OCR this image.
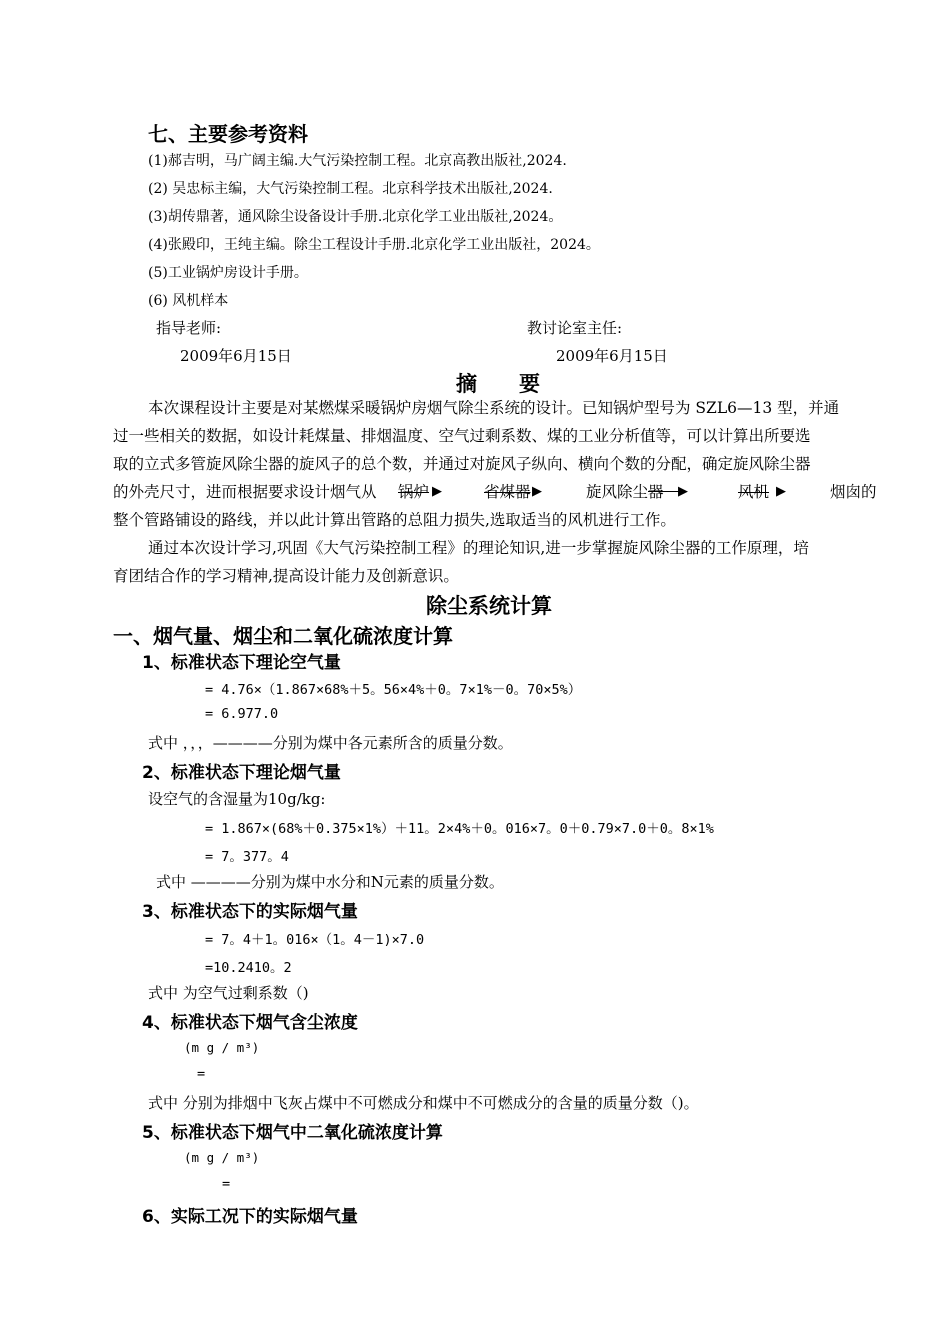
七、主要参考资料
(1)郝吉明，马广阔主编.大气污染控制工程。北京高教出版社,2024.
(2) 吴忠标主编，大气污染控制工程。北京科学技术出版社,2024.
(3)胡传鼎著，通风除尘设备设计手册.北京化学工业出版社,2024。
(4)张殿印，王纯主编。除尘工程设计手册.北京化学工业出版社，2024。
(5)工业锅炉房设计手册。
(6) 风机样本
指导老师:	教讨论室主任:
2009年6月15日	2009年6月15日
摘　　要
本次课程设计主要是对某燃煤采暖锅炉房烟气除尘系统的设计。已知锅炉型号为 SZL6—13 型，并通
过一些相关的数据，如设计耗煤量、排烟温度、空气过剩系数、煤的工业分析值等，可以计算出所要选
取的立式多管旋风除尘器的旋风子的总个数，并通过对旋风子纵向、横向个数的分配，确定旋风除尘器
的外壳尺寸，进而根据要求设计烟气从 锅炉 ▶	省煤器 ▶	旋风除尘器 ▶	风机 ▶	烟囱的
整个管路铺设的路线，并以此计算出管路的总阻力损失,选取适当的风机进行工作。
通过本次设计学习,巩固《大气污染控制工程》的理论知识,进一步掌握旋风除尘器的工作原理，培
育团结合作的学习精神,提高设计能力及创新意识。
除尘系统计算
一、烟气量、烟尘和二氧化硫浓度计算
1、标准状态下理论空气量
= 4.76×（1.867×68%＋5。56×4%＋0。7×1%－0。70×5%）
= 6.977.0
式中 ，，，————分别为煤中各元素所含的质量分数。
2、标准状态下理论烟气量
设空气的含湿量为10g/kg:
= 1.867×(68%＋0.375×1%）＋11。2×4%＋0。016×7。0＋0.79×7.0＋0。8×1%
= 7。377。4
式中 ————分别为煤中水分和N元素的质量分数。
3、标准状态下的实际烟气量
= 7。4＋1。016×（1。4－1)×7.0
=10.2410。2
式中 为空气过剩系数（)
4、标准状态下烟气含尘浓度
(m g / m³)
=
式中 分别为排烟中飞灰占煤中不可燃成分和煤中不可燃成分的含量的质量分数（)。
5、标准状态下烟气中二氧化硫浓度计算
(m g / m³)
=
6、实际工况下的实际烟气量
